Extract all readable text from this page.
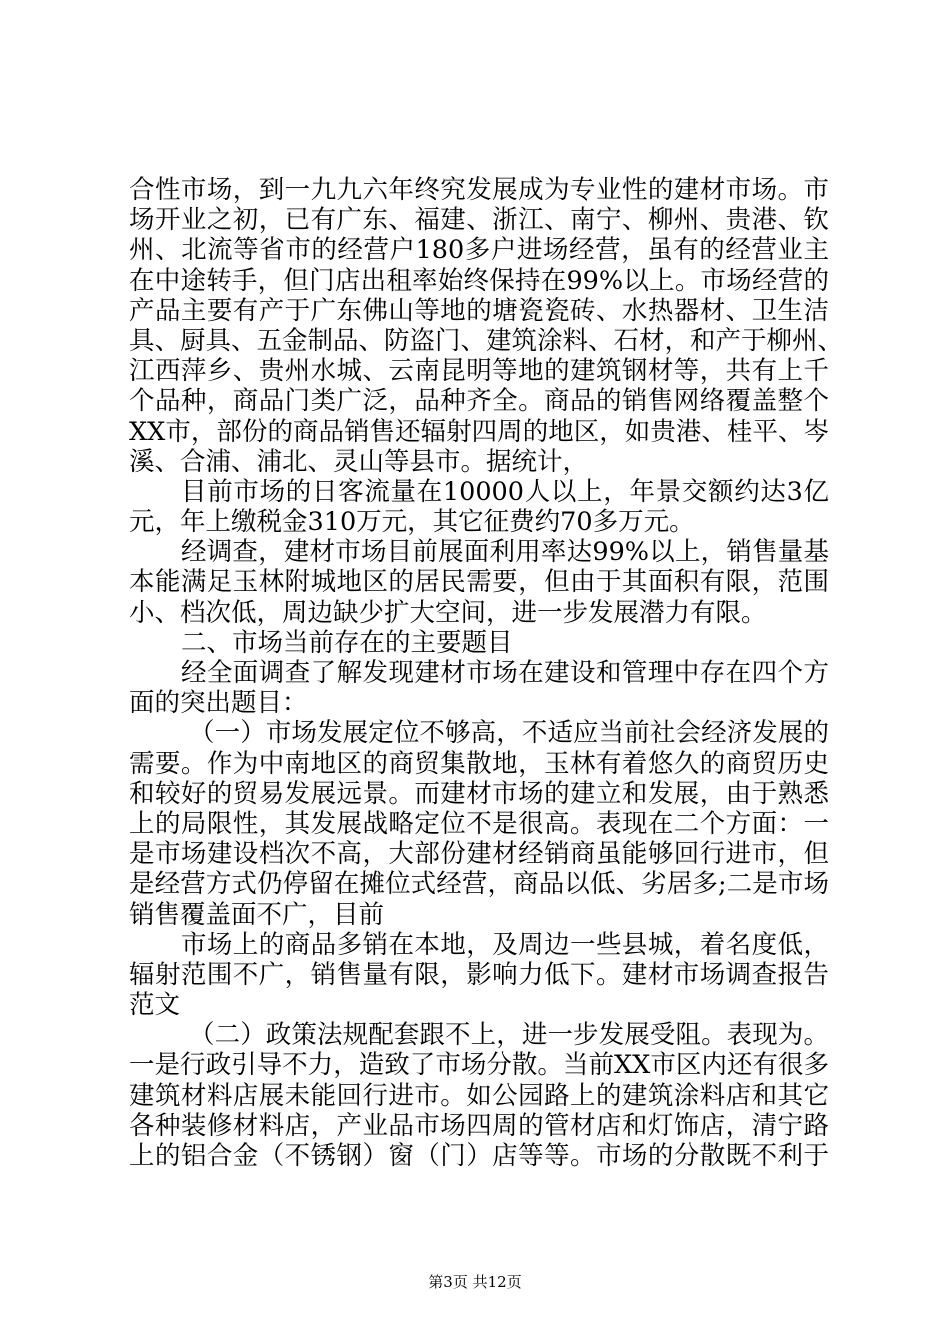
合性市场，到一九九六年终究发展成为专业性的建材市场。市
场开业之初，已有广东、福建、浙江、南宁、柳州、贵港、钦
州、北流等省市的经营户180多户进场经营，虽有的经营业主
在中途转手，但门店出租率始终保持在99%以上。市场经营的
产品主要有产于广东佛山等地的塘瓷瓷砖、水热器材、卫生洁
具、厨具、五金制品、防盗门、建筑涂料、石材，和产于柳州、
江西萍乡、贵州水城、云南昆明等地的建筑钢材等，共有上千
个品种，商品门类广泛，品种齐全。商品的销售网络覆盖整个
XX市，部份的商品销售还辐射四周的地区，如贵港、桂平、岑
溪、合浦、浦北、灵山等县市。据统计，
目前市场的日客流量在10000人以上，年景交额约达3亿
元，年上缴税金310万元，其它征费约70多万元。
经调查，建材市场目前展面利用率达99%以上，销售量基
本能满足玉林附城地区的居民需要，但由于其面积有限，范围
小、档次低，周边缺少扩大空间，进一步发展潜力有限。
二、市场当前存在的主要题目
经全面调查了解发现建材市场在建设和管理中存在四个方
面的突出题目：
（一）市场发展定位不够高，不适应当前社会经济发展的
需要。作为中南地区的商贸集散地，玉林有着悠久的商贸历史
和较好的贸易发展远景。而建材市场的建立和发展，由于熟悉
上的局限性，其发展战略定位不是很高。表现在二个方面：一
是市场建设档次不高，大部份建材经销商虽能够回行进市，但
是经营方式仍停留在摊位式经营，商品以低、劣居多;二是市场
销售覆盖面不广，目前
市场上的商品多销在本地，及周边一些县城，着名度低，
辐射范围不广，销售量有限，影响力低下。建材市场调查报告
范文
（二）政策法规配套跟不上，进一步发展受阻。表现为。
一是行政引导不力，造致了市场分散。当前XX市区内还有很多
建筑材料店展未能回行进市。如公园路上的建筑涂料店和其它
各种装修材料店，产业品市场四周的管材店和灯饰店，清宁路
上的铝合金（不锈钢）窗（门）店等等。市场的分散既不利于
第3页 共12页
